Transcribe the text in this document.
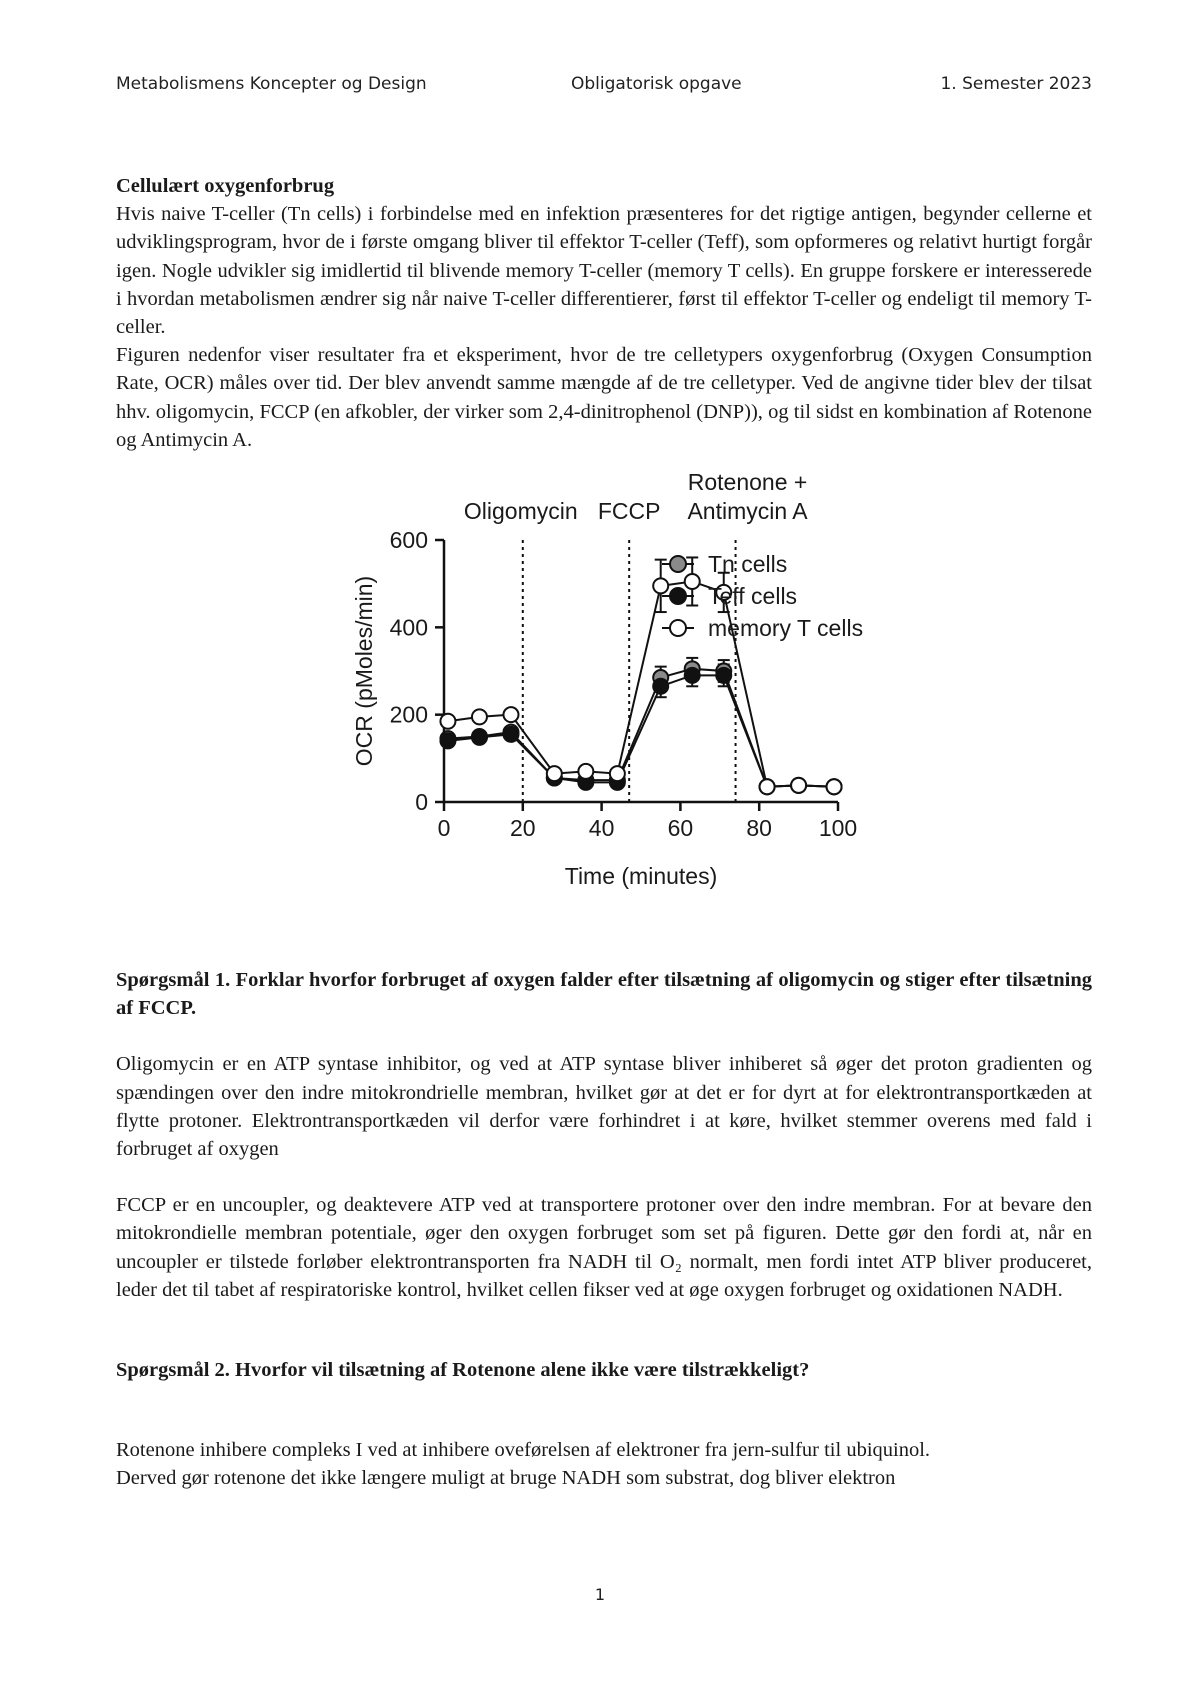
Metabolismens Koncepter og Design	Obligatorisk opgave	1. Semester 2023

Cellulært oxygenforbrug

Hvis naive T-celler (Tn cells) i forbindelse med en infektion præsenteres for det rigtige antigen, begynder cellerne et udviklingsprogram, hvor de i første omgang bliver til effektor T-celler (Teff), som opformeres og relativt hurtigt forgår igen. Nogle udvikler sig imidlertid til blivende memory T-celler (memory T cells). En gruppe forskere er interesserede i hvordan metabolismen ændrer sig når naive T-celler differentierer, først til effektor T-celler og endeligt til memory T-celler.

Figuren nedenfor viser resultater fra et eksperiment, hvor de tre celletypers oxygenforbrug (Oxygen Consumption Rate, OCR) måles over tid. Der blev anvendt samme mængde af de tre celletyper. Ved de angivne tider blev der tilsat hhv. oligomycin, FCCP (en afkobler, der virker som 2,4-dinitrophenol (DNP)), og til sidst en kombination af Rotenone og Antimycin A.

0
200
400
600
0	20 40 60 80 100
Time (minutes)
OCR (pMoles/min)
Oligomycin FCCP
Rotenone +
Antimycin A
Tn cells
Teff cells
memory T cells

Spørgsmål 1. Forklar hvorfor forbruget af oxygen falder efter tilsætning af oligomycin og stiger efter tilsætning af FCCP.

Oligomycin er en ATP syntase inhibitor, og ved at ATP syntase bliver inhiberet så øger det proton gradienten og spændingen over den indre mitokrondrielle membran, hvilket gør at det er for dyrt at for elektrontransportkæden at flytte protoner. Elektrontransportkæden vil derfor være forhindret i at køre, hvilket stemmer overens med fald i forbruget af oxygen

FCCP er en uncoupler, og deaktevere ATP ved at transportere protoner over den indre membran. For at bevare den mitokrondielle membran potentiale, øger den oxygen forbruget som set på figuren. Dette gør den fordi at, når en uncoupler er tilstede forløber elektrontransporten fra NADH til O₂ normalt, men fordi intet ATP bliver produceret, leder det til tabet af respiratoriske kontrol, hvilket cellen fikser ved at øge oxygen forbruget og oxidationen NADH.

Spørgsmål 2. Hvorfor vil tilsætning af Rotenone alene ikke være tilstrækkeligt?

Rotenone inhibere compleks I ved at inhibere oveførelsen af elektroner fra jern-sulfur til ubiquinol.

Derved gør rotenone det ikke længere muligt at bruge NADH som substrat, dog bliver elektron

1
